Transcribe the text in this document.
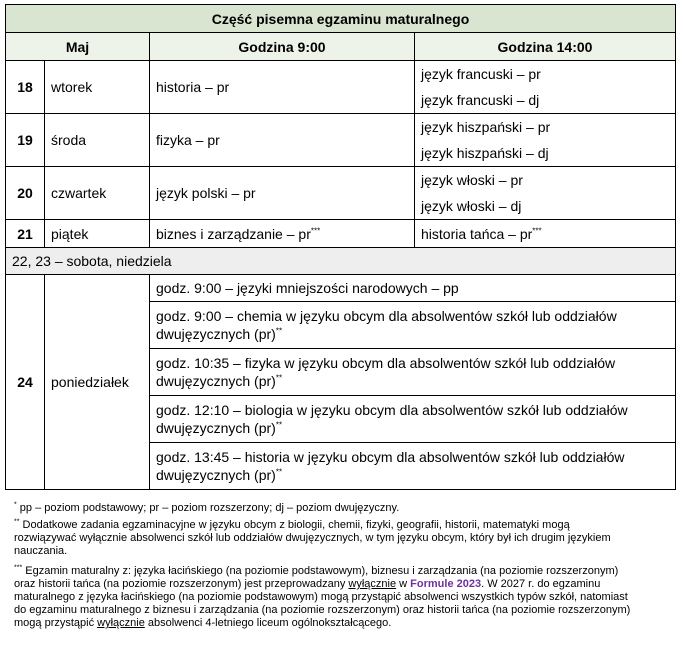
Część pisemna egzaminu maturalnego			
Maj		Godzina 9:00	Godzina 14:00
18	wtorek	historia – pr	język francuski – pr
język francuski – dj

19	środa	fizyka – pr	język hiszpański – pr
język hiszpański – dj

20	czwartek	język polski – pr	język włoski – pr
język włoski – dj

21	piątek	biznes i zarządzanie – pr***	historia tańca – pr***
22, 23 – sobota, niedziela			
24	poniedziałek	godz. 9:00 – języki mniejszości narodowych – pp	
		godz. 9:00 – chemia w języku obcym dla absolwentów szkół lub oddziałów dwujęzycznych (pr)**
		godz. 10:35 – fizyka w języku obcym dla absolwentów szkół lub oddziałów dwujęzycznych (pr)**
		godz. 12:10 – biologia w języku obcym dla absolwentów szkół lub oddziałów dwujęzycznych (pr)**
		godz. 13:45 – historia w języku obcym dla absolwentów szkół lub oddziałów dwujęzycznych (pr)**
* pp – poziom podstawowy; pr – poziom rozszerzony; dj – poziom dwujęzyczny.
** Dodatkowe zadania egzaminacyjne w języku obcym z biologii, chemii, fizyki, geografii, historii, matematyki mogą rozwiązywać wyłącznie absolwenci szkół lub oddziałów dwujęzycznych, w tym języku obcym, który był ich drugim językiem nauczania.
*** Egzamin maturalny z: języka łacińskiego (na poziomie podstawowym), biznesu i zarządzania (na poziomie rozszerzonym) oraz historii tańca (na poziomie rozszerzonym) jest przeprowadzany wyłącznie w Formule 2023. W 2027 r. do egzaminu maturalnego z języka łacińskiego (na poziomie podstawowym) mogą przystąpić absolwenci wszystkich typów szkół, natomiast do egzaminu maturalnego z biznesu i zarządzania (na poziomie rozszerzonym) oraz historii tańca (na poziomie rozszerzonym) mogą przystąpić wyłącznie absolwenci 4-letniego liceum ogólnokształcącego.
